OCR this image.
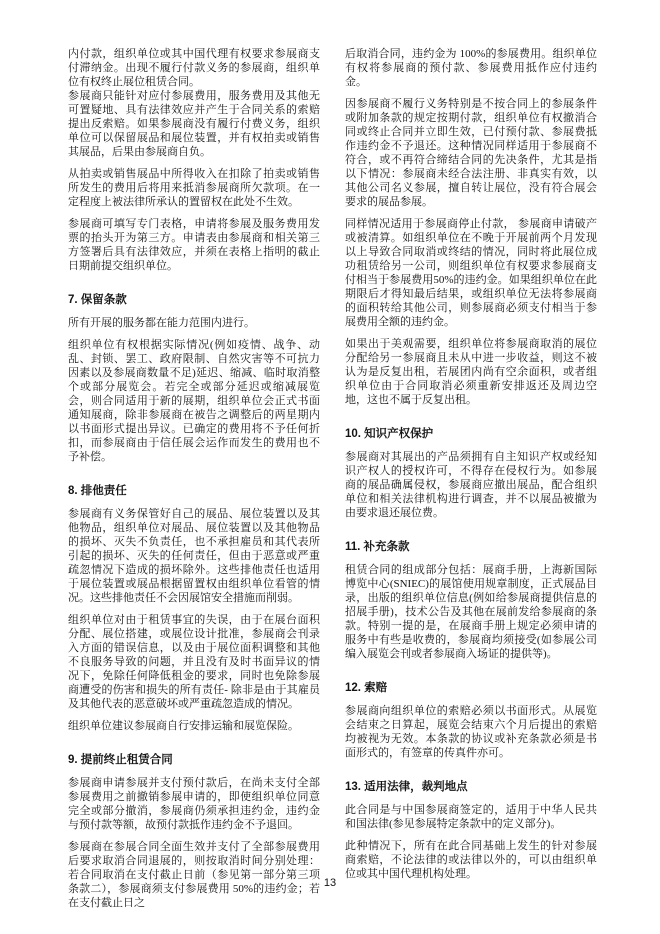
内付款，组织单位或其中国代理有权要求参展商支付滞纳金。出现不履行付款义务的参展商，组织单位有权终止展位租赁合同。
参展商只能针对应付参展费用，服务费用及其他无可置疑地、具有法律效应并产生于合同关系的索赔提出反索赔。如果参展商没有履行付费义务，组织单位可以保留展品和展位装置，并有权拍卖或销售其展品，后果由参展商自负。
从拍卖或销售展品中所得收入在扣除了拍卖或销售所发生的费用后将用来抵消参展商所欠款项。在一定程度上被法律所承认的置留权在此处不生效。
参展商可填写专门表格，申请将参展及服务费用发票的抬头开为第三方。申请表由参展商和相关第三方签署后具有法律效应，并须在表格上指明的截止日期前提交组织单位。
7. 保留条款
所有开展的服务都在能力范围内进行。
组织单位有权根据实际情况(例如疫情、战争、动乱、封锁、罢工、政府限制、自然灾害等不可抗力因素以及参展商数量不足)延迟、缩减、临时取消整个或部分展览会。若完全或部分延迟或缩减展览会，则合同适用于新的展期，组织单位会正式书面通知展商，除非参展商在被告之调整后的两星期内以书面形式提出异议。已确定的费用将不予任何折扣，而参展商由于信任展会运作而发生的费用也不予补偿。
8. 排他责任
参展商有义务保管好自己的展品、展位装置以及其他物品，组织单位对展品、展位装置以及其他物品的损坏、灭失不负责任，也不承担雇员和其代表所引起的损坏、灭失的任何责任，但由于恶意或严重疏忽情况下造成的损坏除外。这些排他责任也适用于展位装置或展品根据留置权由组织单位看管的情况。这些排他责任不会因展馆安全措施而削弱。
组织单位对由于租赁事宜的失误，由于在展台面积分配、展位搭建，或展位设计批准，参展商会刊录入方面的错误信息，以及由于展位面积调整和其他不良服务导致的问题，并且没有及时书面异议的情况下，免除任何降低租金的要求，同时也免除参展商遭受的伤害和损失的所有责任- 除非是由于其雇员及其他代表的恶意破坏或严重疏忽造成的情况。
组织单位建议参展商自行安排运输和展览保险。
9. 提前终止租赁合同
参展商申请参展并支付预付款后，在尚未支付全部参展费用之前撤销参展申请的，即使组织单位同意完全或部分撤消，参展商仍须承担违约金，违约金与预付款等额，故预付款抵作违约金不予退回。
参展商在参展合同全面生效并支付了全部参展费用后要求取消合同退展的，则按取消时间分别处理：若合同取消在支付截止日前（参见第一部分第三项条款二），参展商须支付参展费用 50%的违约金；若在支付截止日之
后取消合同，违约金为 100%的参展费用。组织单位有权将参展商的预付款、参展费用抵作应付违约金。
因参展商不履行义务特别是不按合同上的参展条件或附加条款的规定按期付款，组织单位有权撤消合同或终止合同并立即生效，已付预付款、参展费抵作违约金不予退还。这种情况同样适用于参展商不符合，或不再符合缔结合同的先决条件，尤其是指以下情况：参展商未经合法注册、非真实有效，以其他公司名义参展，擅自转让展位，没有符合展会要求的展品参展。
同样情况适用于参展商停止付款， 参展商申请破产或被清算。如组织单位在不晚于开展前两个月发现以上导致合同取消或终结的情况，同时将此展位成功租赁给另一公司，则组织单位有权要求参展商支付相当于参展费用50%的违约金。如果组织单位在此期限后才得知最后结果，或组织单位无法将参展商的面积转给其他公司，则参展商必须支付相当于参展费用全额的违约金。
如果出于美观需要，组织单位将参展商取消的展位分配给另一参展商且未从中进一步收益，则这不被认为是反复出租，若展团内尚有空余面积，或者组织单位由于合同取消必须重新安排返还及周边空地，这也不属于反复出租。
10. 知识产权保护
参展商对其展出的产品须拥有自主知识产权或经知识产权人的授权许可，不得存在侵权行为。如参展商的展品确属侵权，参展商应撤出展品，配合组织单位和相关法律机构进行调查，并不以展品被撤为由要求退还展位费。
11. 补充条款
租赁合同的组成部分包括：展商手册，上海新国际博览中心(SNIEC)的展馆使用规章制度，正式展品目录，出版的组织单位信息(例如给参展商提供信息的招展手册)，技术公告及其他在展前发给参展商的条款。特别一提的是，在展商手册上规定必须申请的服务中有些是收费的，参展商均须接受(如参展公司编入展览会刊或者参展商入场证的提供等)。
12. 索赔
参展商向组织单位的索赔必须以书面形式。从展览会结束之日算起，展览会结束六个月后提出的索赔均被视为无效。本条款的协议或补充条款必须是书面形式的，有签章的传真件亦可。
13. 适用法律，裁判地点
此合同是与中国参展商签定的，适用于中华人民共和国法律(参见参展特定条款中的定义部分)。
此种情况下，所有在此合同基础上发生的针对参展商索赔，不论法律的或法律以外的，可以由组织单位或其中国代理机构处理。
13
